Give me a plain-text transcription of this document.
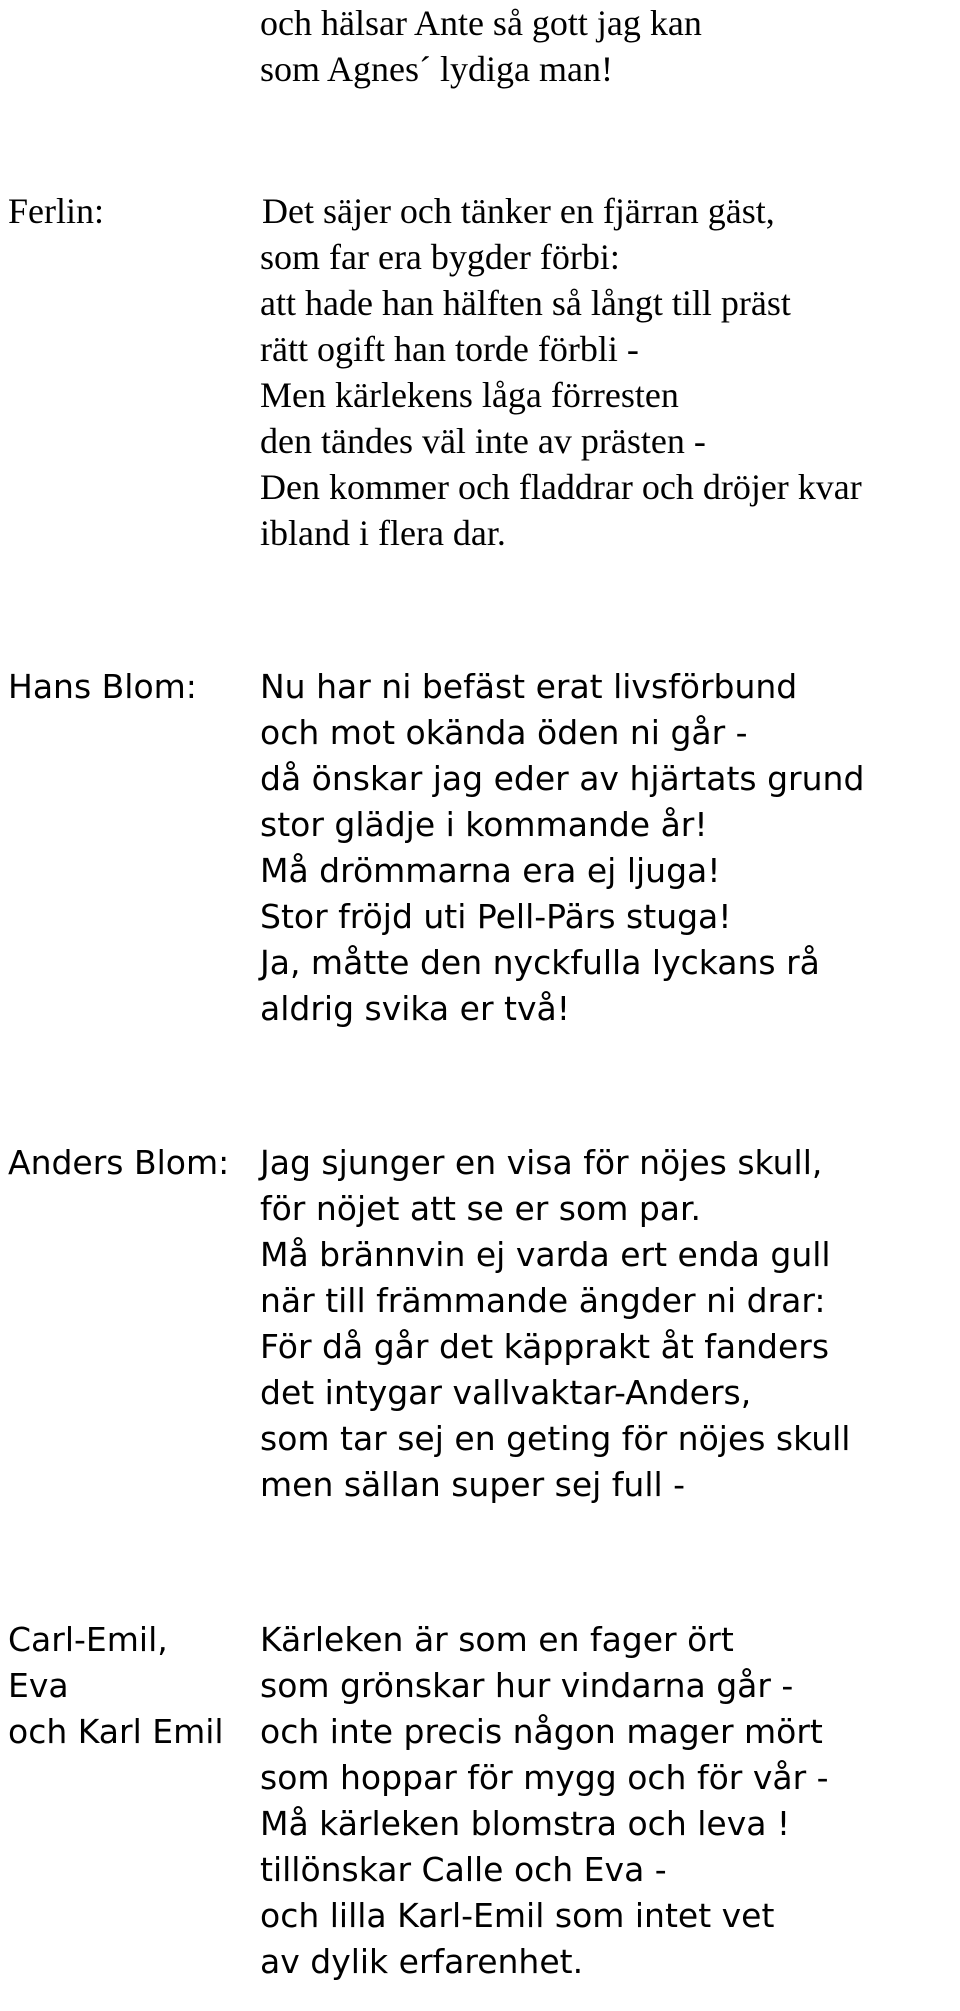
och hälsar Ante så gott jag kan

som Agnes´ lydiga man!

Ferlin:	Det säjer och tänker en fjärran gäst,

som far era bygder förbi:

att hade han hälften så långt till präst

rätt ogift han torde förbli -

Men kärlekens låga förresten

den tändes väl inte av prästen -

Den kommer och fladdrar och dröjer kvar

ibland i flera dar.

Hans Blom: Nu har ni befäst erat livsförbund

och mot okända öden ni går -

då önskar jag eder av hjärtats grund

stor glädje i kommande år!

Må drömmarna era ej ljuga!

Stor fröjd uti Pell-Pärs stuga!

Ja, måtte den nyckfulla lyckans rå

aldrig svika er två!

Anders Blom: Jag sjunger en visa för nöjes skull,

för nöjet att se er som par.

Må brännvin ej varda ert enda gull

när till främmande ängder ni drar:

För då går det käpprakt åt fanders

det intygar vallvaktar-Anders,

som tar sej en geting för nöjes skull

men sällan super sej full -

Carl-Emil,

Eva

och Karl Emil

Kärleken är som en fager ört

som grönskar hur vindarna går -

och inte precis någon mager mört

som hoppar för mygg och för vår -

Må kärleken blomstra och leva !

tillönskar Calle och Eva -

och lilla Karl-Emil som intet vet

av dylik erfarenhet.
